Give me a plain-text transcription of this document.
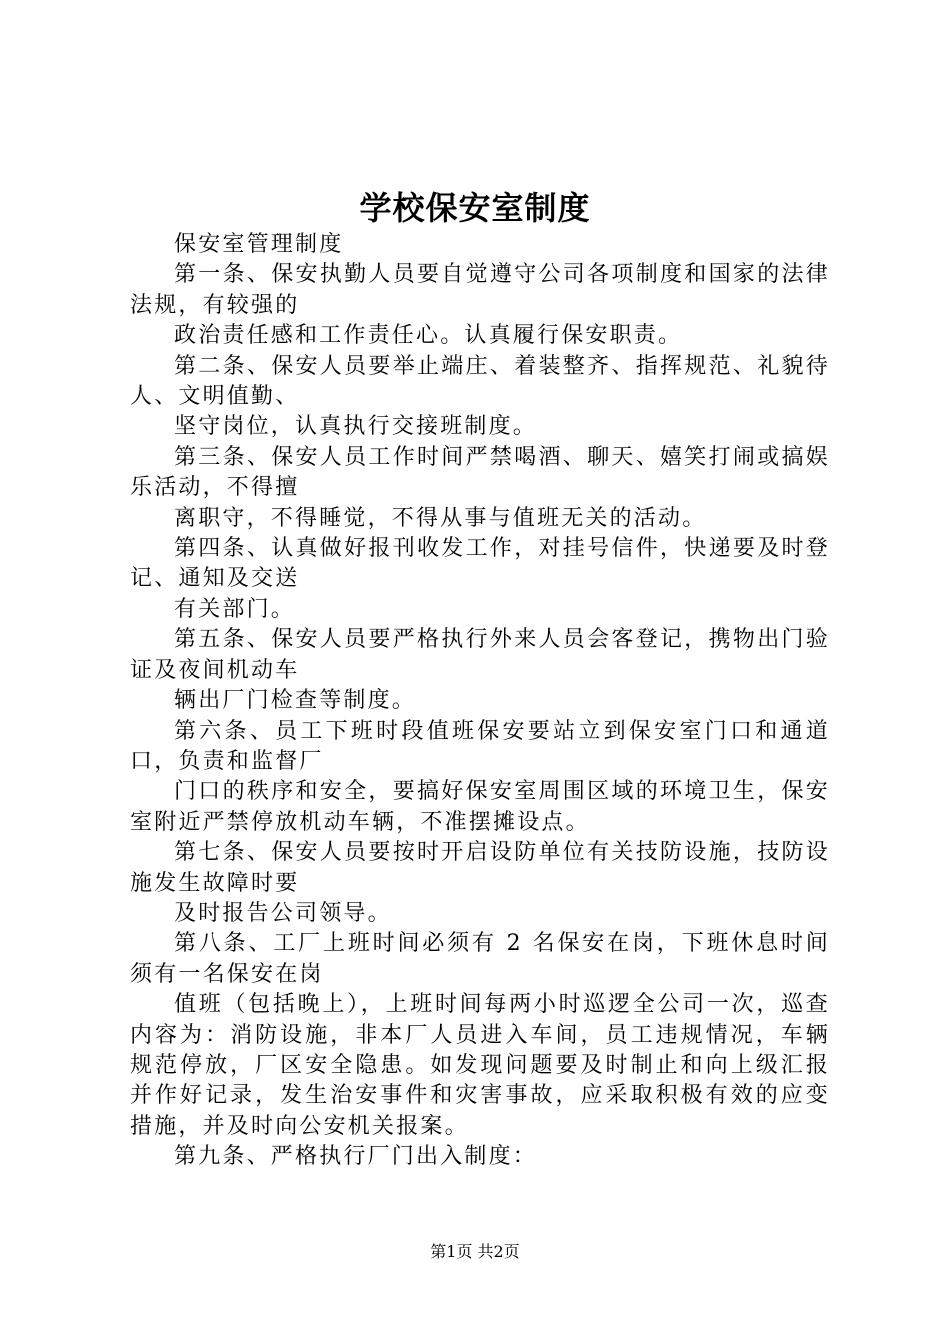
学校保安室制度

保安室管理制度

第一条、保安执勤人员要自觉遵守公司各项制度和国家的法律法规，有较强的

政治责任感和工作责任心。认真履行保安职责。

第二条、保安人员要举止端庄、着装整齐、指挥规范、礼貌待人、文明值勤、

坚守岗位，认真执行交接班制度。

第三条、保安人员工作时间严禁喝酒、聊天、嬉笑打闹或搞娱乐活动，不得擅

离职守，不得睡觉，不得从事与值班无关的活动。

第四条、认真做好报刊收发工作，对挂号信件，快递要及时登记、通知及交送

有关部门。

第五条、保安人员要严格执行外来人员会客登记，携物出门验证及夜间机动车

辆出厂门检查等制度。

第六条、员工下班时段值班保安要站立到保安室门口和通道口，负责和监督厂

门口的秩序和安全，要搞好保安室周围区域的环境卫生，保安室附近严禁停放机动车辆，不准摆摊设点。

第七条、保安人员要按时开启设防单位有关技防设施，技防设施发生故障时要

及时报告公司领导。

第八条、工厂上班时间必须有 2 名保安在岗，下班休息时间须有一名保安在岗

值班（包括晚上），上班时间每两小时巡逻全公司一次，巡查内容为：消防设施，非本厂人员进入车间，员工违规情况，车辆规范停放，厂区安全隐患。如发现问题要及时制止和向上级汇报并作好记录，发生治安事件和灾害事故，应采取积极有效的应变措施，并及时向公安机关报案。

第九条、严格执行厂门出入制度：

第1页 共2页
